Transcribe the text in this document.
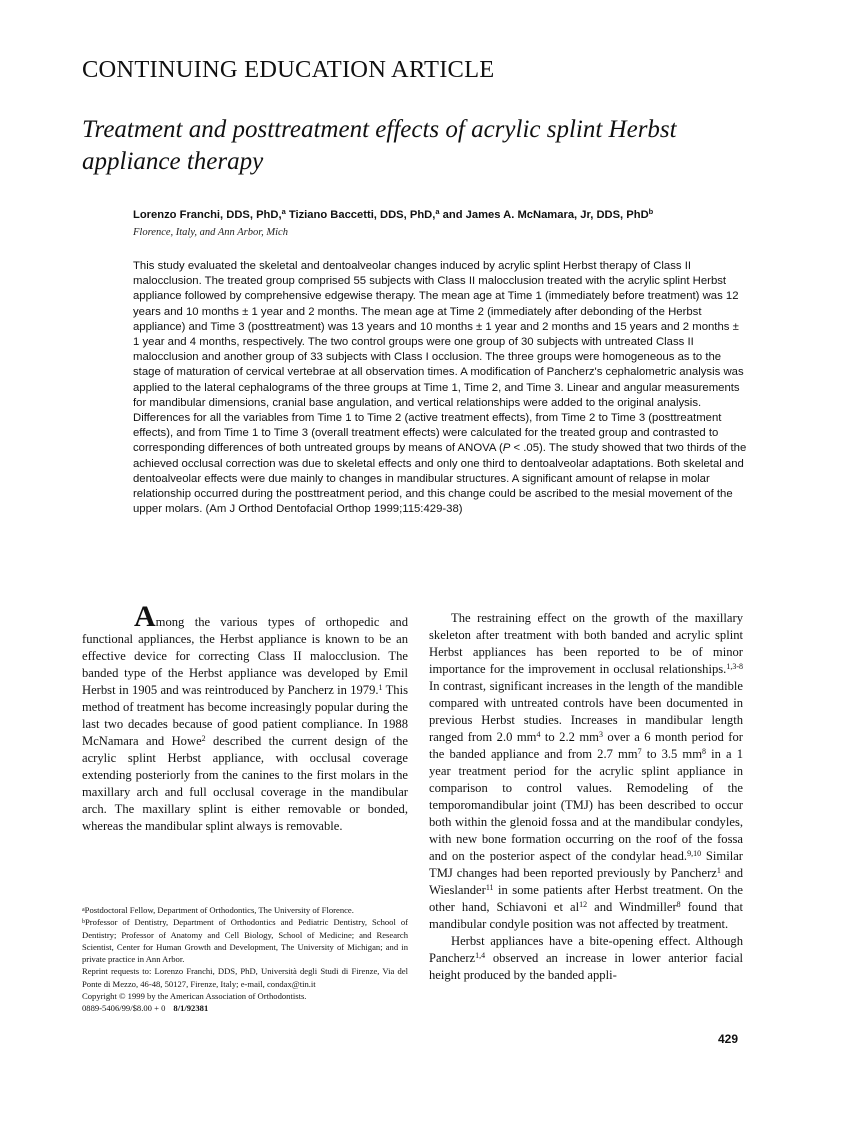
CONTINUING EDUCATION ARTICLE
Treatment and posttreatment effects of acrylic splint Herbst appliance therapy
Lorenzo Franchi, DDS, PhD,$^a$ Tiziano Baccetti, DDS, PhD,$^a$ and James A. McNamara, Jr, DDS, PhD$^b$
Florence, Italy, and Ann Arbor, Mich

This study evaluated the skeletal and dentoalveolar changes induced by acrylic splint Herbst therapy of Class II malocclusion. The treated group comprised 55 subjects with Class II malocclusion treated with the acrylic splint Herbst appliance followed by comprehensive edgewise therapy. The mean age at Time 1 (immediately before treatment) was 12 years and 10 months ± 1 year and 2 months. The mean age at Time 2 (immediately after debonding of the Herbst appliance) and Time 3 (posttreatment) was 13 years and 10 months ± 1 year and 2 months and 15 years and 2 months ± 1 year and 4 months, respectively. The two control groups were one group of 30 subjects with untreated Class II malocclusion and another group of 33 subjects with Class I occlusion. The three groups were homogeneous as to the stage of maturation of cervical vertebrae at all observation times. A modification of Pancherz's cephalometric analysis was applied to the lateral cephalograms of the three groups at Time 1, Time 2, and Time 3. Linear and angular measurements for mandibular dimensions, cranial base angulation, and vertical relationships were added to the original analysis. Differences for all the variables from Time 1 to Time 2 (active treatment effects), from Time 2 to Time 3 (posttreatment effects), and from Time 1 to Time 3 (overall treatment effects) were calculated for the treated group and contrasted to corresponding differences of both untreated groups by means of ANOVA (P < .05). The study showed that two thirds of the achieved occlusal correction was due to skeletal effects and only one third to dentoalveolar adaptations. Both skeletal and dentoalveolar effects were due mainly to changes in mandibular structures. A significant amount of relapse in molar relationship occurred during the posttreatment period, and this change could be ascribed to the mesial movement of the upper molars. (Am J Orthod Dentofacial Orthop 1999;115:429-38)

Among the various types of orthopedic and functional appliances, the Herbst appliance is known to be an effective device for correcting Class II malocclusion. The banded type of the Herbst appliance was developed by Emil Herbst in 1905 and was reintroduced by Pancherz in 1979.$^1$ This method of treatment has become increasingly popular during the last two decades because of good patient compliance. In 1988 McNamara and Howe$^2$ described the current design of the acrylic splint Herbst appliance, with occlusal coverage extending posteriorly from the canines to the first molars in the maxillary arch and full occlusal coverage in the mandibular arch. The maxillary splint is either removable or bonded, whereas the mandibular splint always is removable.

$^a$Postdoctoral Fellow, Department of Orthodontics, The University of Florence.

$^b$Professor of Dentistry, Department of Orthodontics and Pediatric Dentistry, School of Dentistry; Professor of Anatomy and Cell Biology, School of Medicine; and Research Scientist, Center for Human Growth and Development, The University of Michigan; and in private practice in Ann Arbor.

Reprint requests to: Lorenzo Franchi, DDS, PhD, Università degli Studi di Firenze, Via del Ponte di Mezzo, 46-48, 50127, Firenze, Italy; e-mail, condax@tin.it

Copyright © 1999 by the American Association of Orthodontists.

0889-5406/99/$8.00 + 0 8/1/92381

The restraining effect on the growth of the maxillary skeleton after treatment with both banded and acrylic splint Herbst appliances has been reported to be of minor importance for the improvement in occlusal relationships.$^{1,3-8}$ In contrast, significant increases in the length of the mandible compared with untreated controls have been documented in previous Herbst studies. Increases in mandibular length ranged from 2.0 mm$^4$ to 2.2 mm$^3$ over a 6 month period for the banded appliance and from 2.7 mm$^7$ to 3.5 mm$^8$ in a 1 year treatment period for the acrylic splint appliance in comparison to control values. Remodeling of the temporomandibular joint (TMJ) has been described to occur both within the glenoid fossa and at the mandibular condyles, with new bone formation occurring on the roof of the fossa and on the posterior aspect of the condylar head.$^{9,10}$ Similar TMJ changes had been reported previously by Pancherz$^1$ and Wieslander$^{11}$ in some patients after Herbst treatment. On the other hand, Schiavoni et al$^{12}$ and Windmiller$^8$ found that mandibular condyle position was not affected by treatment.

Herbst appliances have a bite-opening effect. Although Pancherz$^{1,4}$ observed an increase in lower anterior facial height produced by the banded appli-

429
